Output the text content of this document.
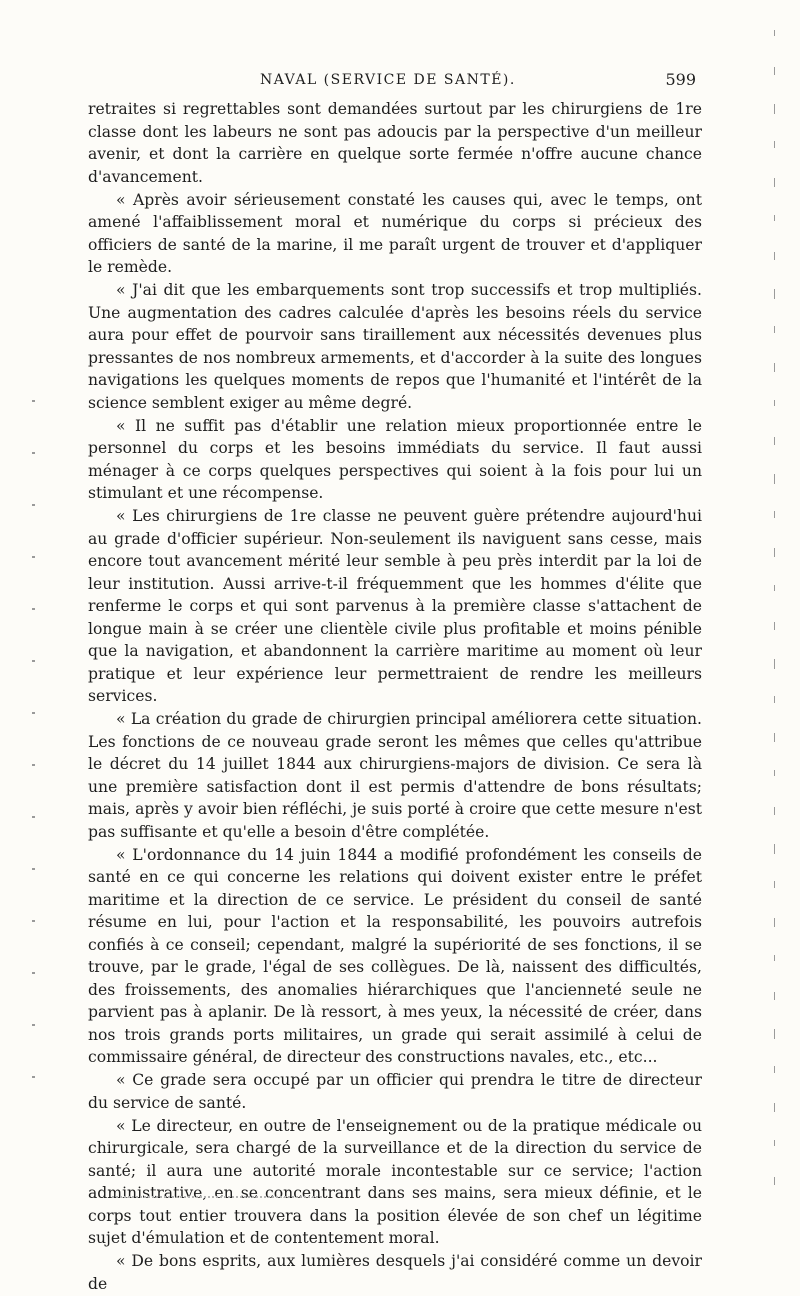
NAVAL (SERVICE DE SANTÉ).	599

retraites si regrettables sont demandées surtout par les chirurgiens de 1re classe dont les labeurs ne sont pas adoucis par la perspective d'un meilleur avenir, et dont la carrière en quelque sorte fermée n'offre aucune chance d'avancement.

« Après avoir sérieusement constaté les causes qui, avec le temps, ont amené l'affaiblissement moral et numérique du corps si précieux des officiers de santé de la marine, il me paraît urgent de trouver et d'appliquer le remède.

« J'ai dit que les embarquements sont trop successifs et trop multipliés. Une augmentation des cadres calculée d'après les besoins réels du service aura pour effet de pourvoir sans tiraillement aux nécessités devenues plus pressantes de nos nombreux armements, et d'accorder à la suite des longues navigations les quelques moments de repos que l'humanité et l'intérêt de la science semblent exiger au même degré.

« Il ne suffit pas d'établir une relation mieux proportionnée entre le personnel du corps et les besoins immédiats du service. Il faut aussi ménager à ce corps quelques perspectives qui soient à la fois pour lui un stimulant et une récompense.

« Les chirurgiens de 1re classe ne peuvent guère prétendre aujourd'hui au grade d'officier supérieur. Non-seulement ils naviguent sans cesse, mais encore tout avancement mérité leur semble à peu près interdit par la loi de leur institution. Aussi arrive-t-il fréquemment que les hommes d'élite que renferme le corps et qui sont parvenus à la première classe s'attachent de longue main à se créer une clientèle civile plus profitable et moins pénible que la navigation, et abandonnent la carrière maritime au moment où leur pratique et leur expérience leur permettraient de rendre les meilleurs services.

« La création du grade de chirurgien principal améliorera cette situation. Les fonctions de ce nouveau grade seront les mêmes que celles qu'attribue le décret du 14 juillet 1844 aux chirurgiens-majors de division. Ce sera là une première satisfaction dont il est permis d'attendre de bons résultats; mais, après y avoir bien réfléchi, je suis porté à croire que cette mesure n'est pas suffisante et qu'elle a besoin d'être complétée.

« L'ordonnance du 14 juin 1844 a modifié profondément les conseils de santé en ce qui concerne les relations qui doivent exister entre le préfet maritime et la direction de ce service. Le président du conseil de santé résume en lui, pour l'action et la responsabilité, les pouvoirs autrefois confiés à ce conseil; cependant, malgré la supériorité de ses fonctions, il se trouve, par le grade, l'égal de ses collègues. De là, naissent des difficultés, des froissements, des anomalies hiérarchiques que l'ancienneté seule ne parvient pas à aplanir. De là ressort, à mes yeux, la nécessité de créer, dans nos trois grands ports militaires, un grade qui serait assimilé à celui de commissaire général, de directeur des constructions navales, etc., etc...

« Ce grade sera occupé par un officier qui prendra le titre de directeur du service de santé.

« Le directeur, en outre de l'enseignement ou de la pratique médicale ou chirurgicale, sera chargé de la surveillance et de la direction du service de santé; il aura une autorité morale incontestable sur ce service; l'action administrative, en se concentrant dans ses mains, sera mieux définie, et le corps tout entier trouvera dans la position élevée de son chef un légitime sujet d'émulation et de contentement moral.

« De bons esprits, aux lumières desquels j'ai considéré comme un devoir de
